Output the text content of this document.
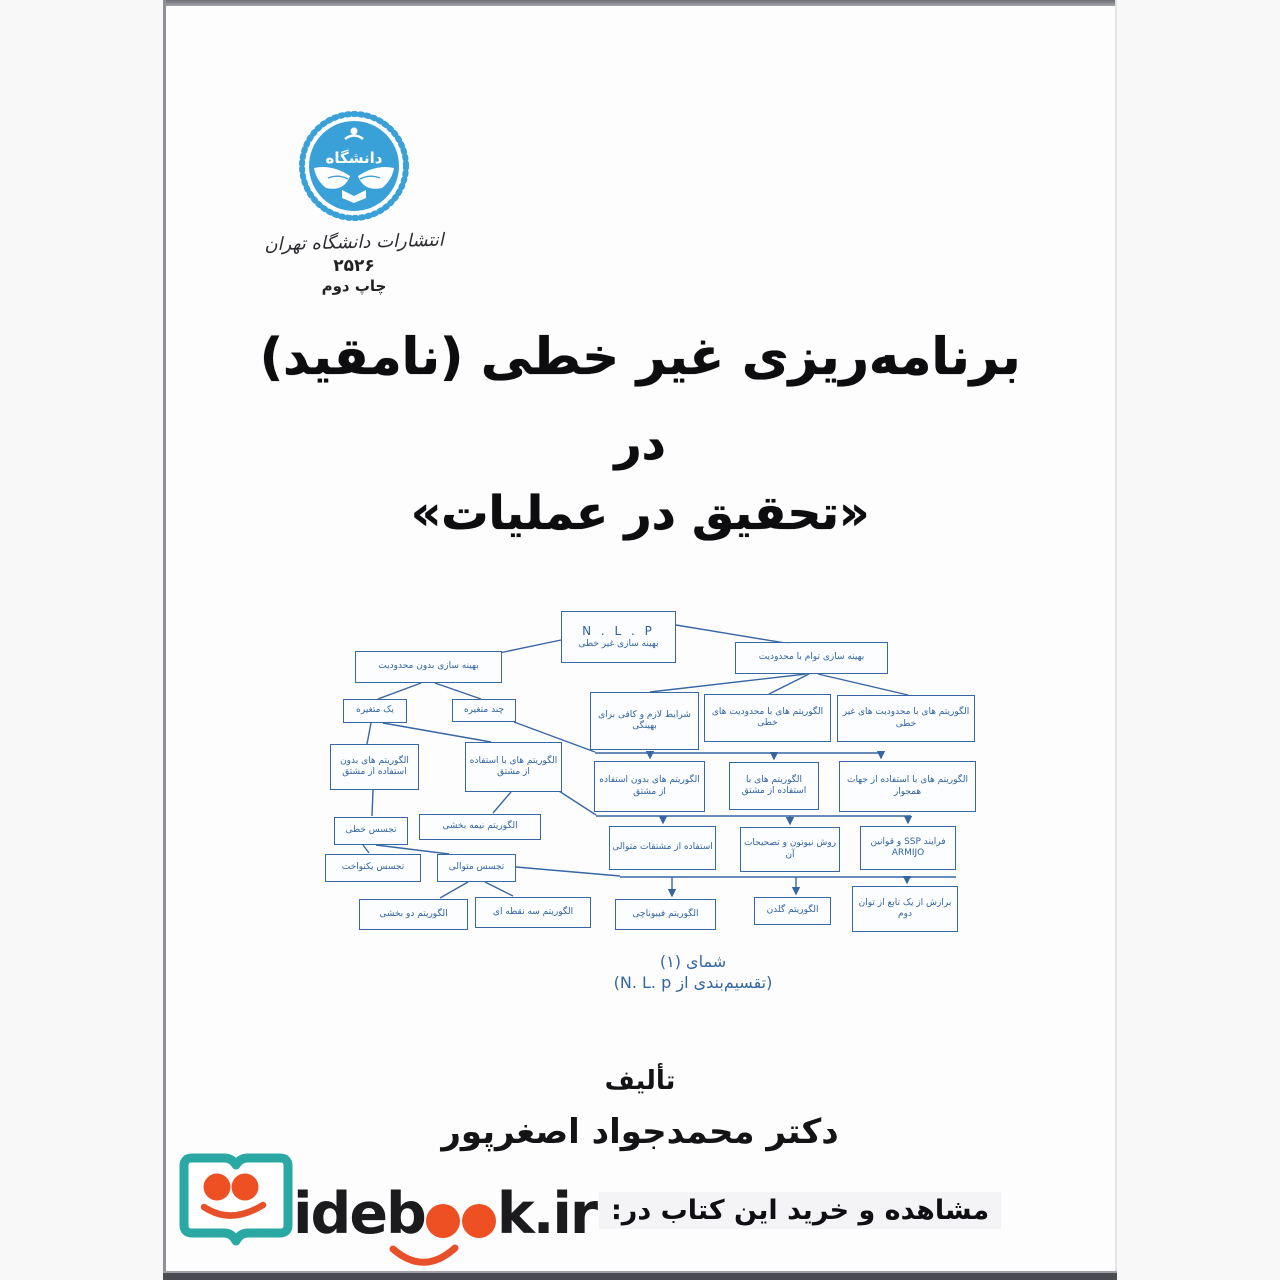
دانشگاه
انتشارات دانشگاه تهران
۲۵۲۶
چاپ دوم
برنامه‌ریزی غیر خطی (نامقید)
در
«تحقیق در عملیات»
N . L . P
بهینه سازی غیر خطی
بهینه سازی بدون محدودیت
بهینه سازی توام با محدودیت
یک متغیره	چند متغیره	شرایط لازم و کافی برای بهینگی
الگوریتم های با محدودیت های خطی
الگوریتم های با محدودیت های غیر خطی
الگوریتم های بدون استفاده از مشتق
الگوریتم های با استفاده از مشتق
الگوریتم های بدون استفاده از مشتق
الگوریتم های با استفاده از مشتق
الگوریتم های با استفاده از جهات همجوار
تجسس خطی	الگوریتم نیمه بخشی
تجسس یکنواخت	تجسس متوالی
استفاده از مشتقات متوالی	روش نیوتون و تصحیحات آن
فرایند SSP و قوانین ARMIJO
الگوریتم دو بخشی	الگوریتم سه نقطه ای	الگوریتم فیبوناچی	الگوریتم گلدن
برازش از یک تابع از توان دوم
شمای (۱)
(تقسیم‌بندی از N. L. p)
تألیف
دکتر محمدجواد اصغرپور
ideb k.ir مشاهده و خرید این کتاب در:
